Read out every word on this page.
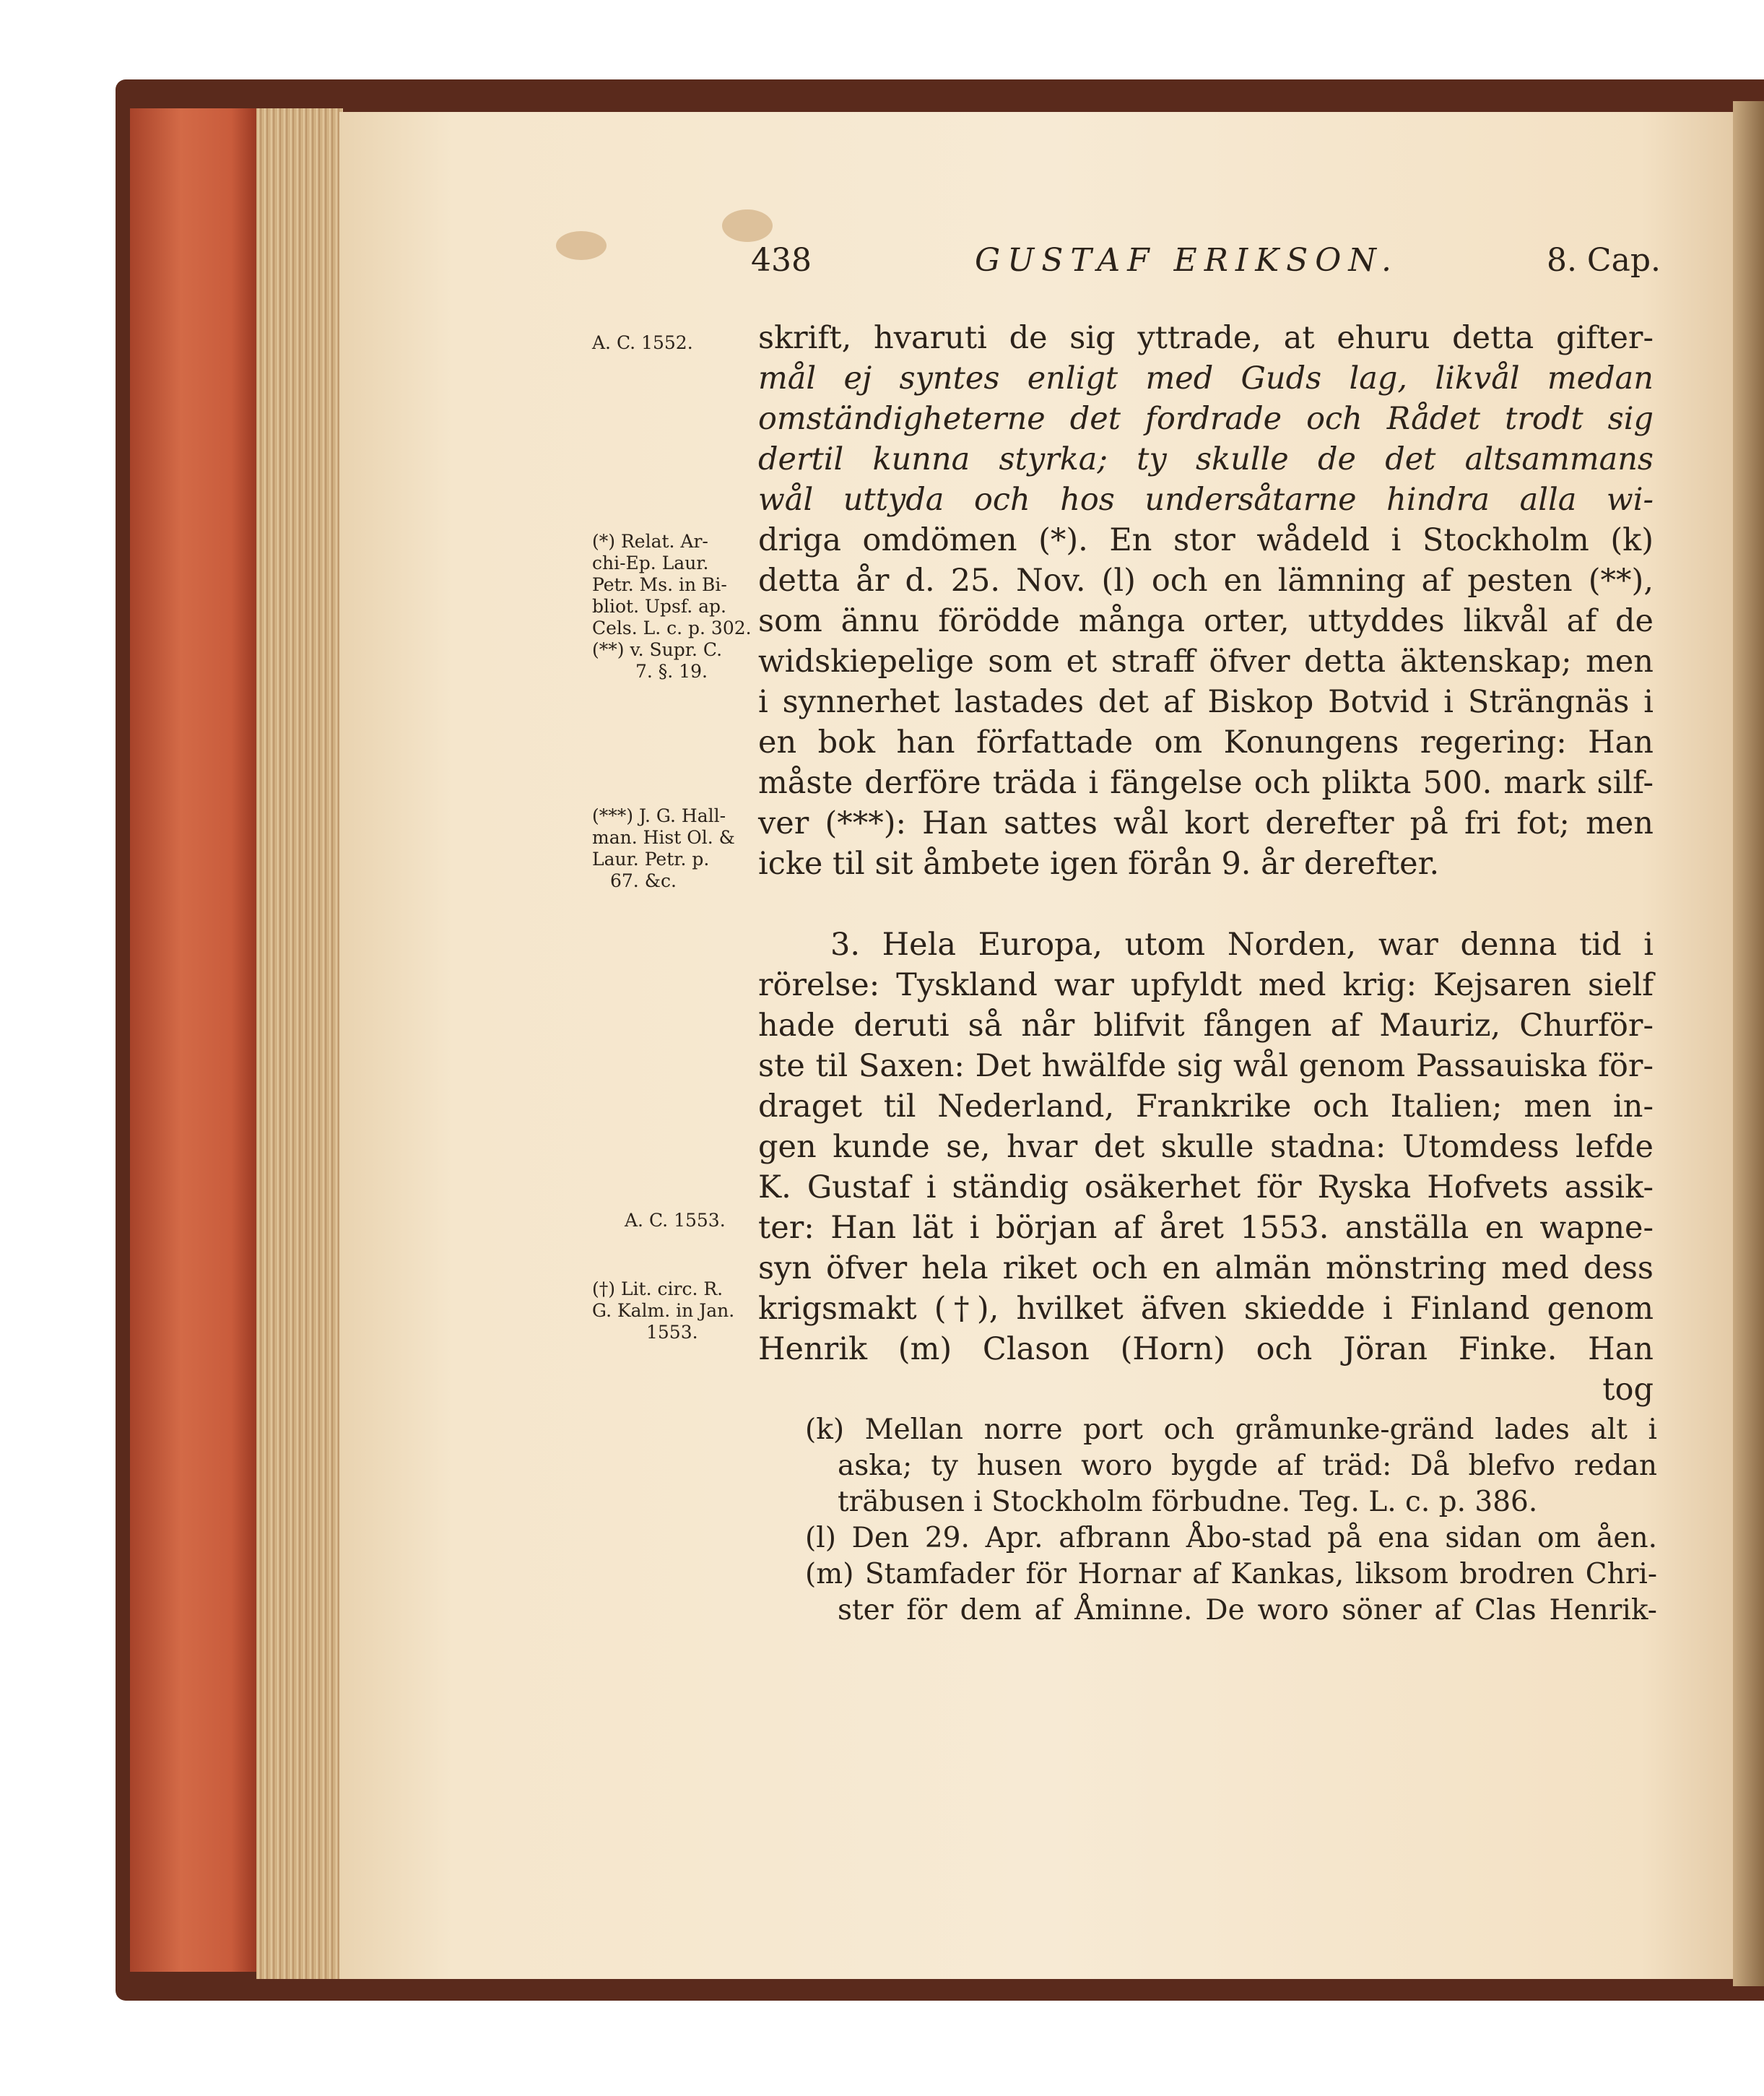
438	GUSTAF ERIKSON.	8. Cap.
A. C. 1552.
(*) Relat. Ar-
chi-Ep. Laur.
Petr. Ms. in Bi-
bliot. Upsf. ap.
Cels. L. c. p. 302.
(**) v. Supr. C.
7. §. 19.
(***) J. G. Hall-
man. Hist Ol. &
Laur. Petr. p.
67. &c.
A. C. 1553.
(†) Lit. circ. R.
G. Kalm. in Jan.
1553.
skrift, hvaruti de sig yttrade, at ehuru detta gifter-
mål ej syntes enligt med Guds lag, likvål medan
omständigheterne det fordrade och Rådet trodt sig
dertil kunna styrka; ty skulle de det altsammans
wål uttyda och hos undersåtarne hindra alla wi-
driga omdömen (*). En stor wådeld i Stockholm (k)
detta år d. 25. Nov. (l) och en lämning af pesten (**),
som ännu förödde många orter, uttyddes likvål af de
widskiepelige som et straff öfver detta äktenskap; men
i synnerhet lastades det af Biskop Botvid i Strängnäs i
en bok han författade om Konungens regering: Han
måste derföre träda i fängelse och plikta 500. mark silf-
ver (***): Han sattes wål kort derefter på fri fot; men
icke til sit åmbete igen förån 9. år derefter.
3. Hela Europa, utom Norden, war denna tid i
rörelse: Tyskland war upfyldt med krig: Kejsaren sielf
hade deruti så når blifvit fången af Mauriz, Churför-
ste til Saxen: Det hwälfde sig wål genom Passauiska för-
draget til Nederland, Frankrike och Italien; men in-
gen kunde se, hvar det skulle stadna: Utomdess lefde
K. Gustaf i ständig osäkerhet för Ryska Hofvets assik-
ter: Han lät i början af året 1553. anställa en wapne-
syn öfver hela riket och en almän mönstring med dess
krigsmakt (†), hvilket äfven skiedde i Finland genom
Henrik (m) Clason (Horn) och Jöran Finke. Han
tog
(k) Mellan norre port och gråmunke-gränd lades alt i
aska; ty husen woro bygde af träd: Då blefvo redan
träbusen i Stockholm förbudne. Teg. L. c. p. 386.
(l) Den 29. Apr. afbrann Åbo-stad på ena sidan om åen.
(m) Stamfader för Hornar af Kankas, liksom brodren Chri-
ster för dem af Åminne. De woro söner af Clas Henrik-
